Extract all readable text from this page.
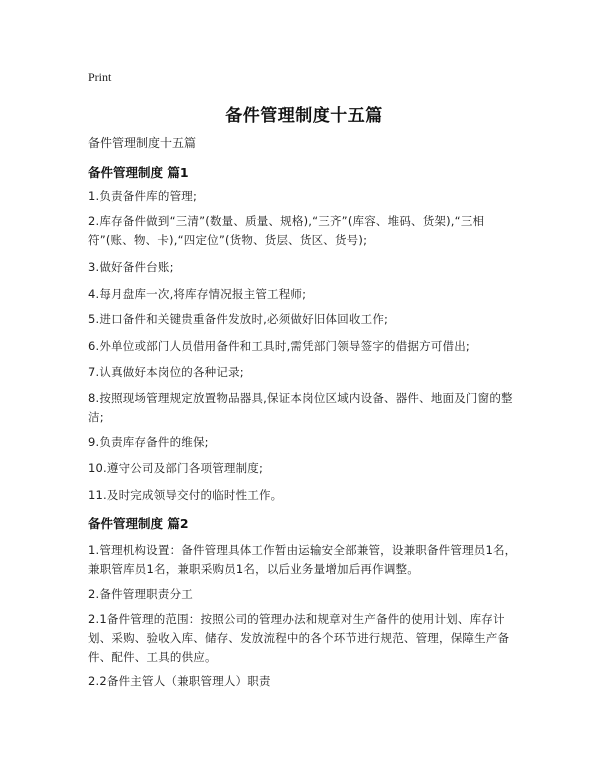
Print
备件管理制度十五篇
备件管理制度十五篇
备件管理制度 篇1
1.负责备件库的管理;
2.库存备件做到“三清”(数量、质量、规格),“三齐”(库容、堆码、货架),“三相符”(账、物、卡),“四定位”(货物、货层、货区、货号);
3.做好备件台账;
4.每月盘库一次,将库存情况报主管工程师;
5.进口备件和关键贵重备件发放时,必须做好旧体回收工作;
6.外单位或部门人员借用备件和工具时,需凭部门领导签字的借据方可借出;
7.认真做好本岗位的各种记录;
8.按照现场管理规定放置物品器具,保证本岗位区域内设备、器件、地面及门窗的整洁;
9.负责库存备件的维保;
10.遵守公司及部门各项管理制度;
11.及时完成领导交付的临时性工作。
备件管理制度 篇2
1.管理机构设置：备件管理具体工作暂由运输安全部兼管，设兼职备件管理员1名，兼职管库员1名，兼职采购员1名，以后业务量增加后再作调整。
2.备件管理职责分工
2.1备件管理的范围：按照公司的管理办法和规章对生产备件的使用计划、库存计划、采购、验收入库、储存、发放流程中的各个环节进行规范、管理，保障生产备件、配件、工具的供应。
2.2备件主管人（兼职管理人）职责
